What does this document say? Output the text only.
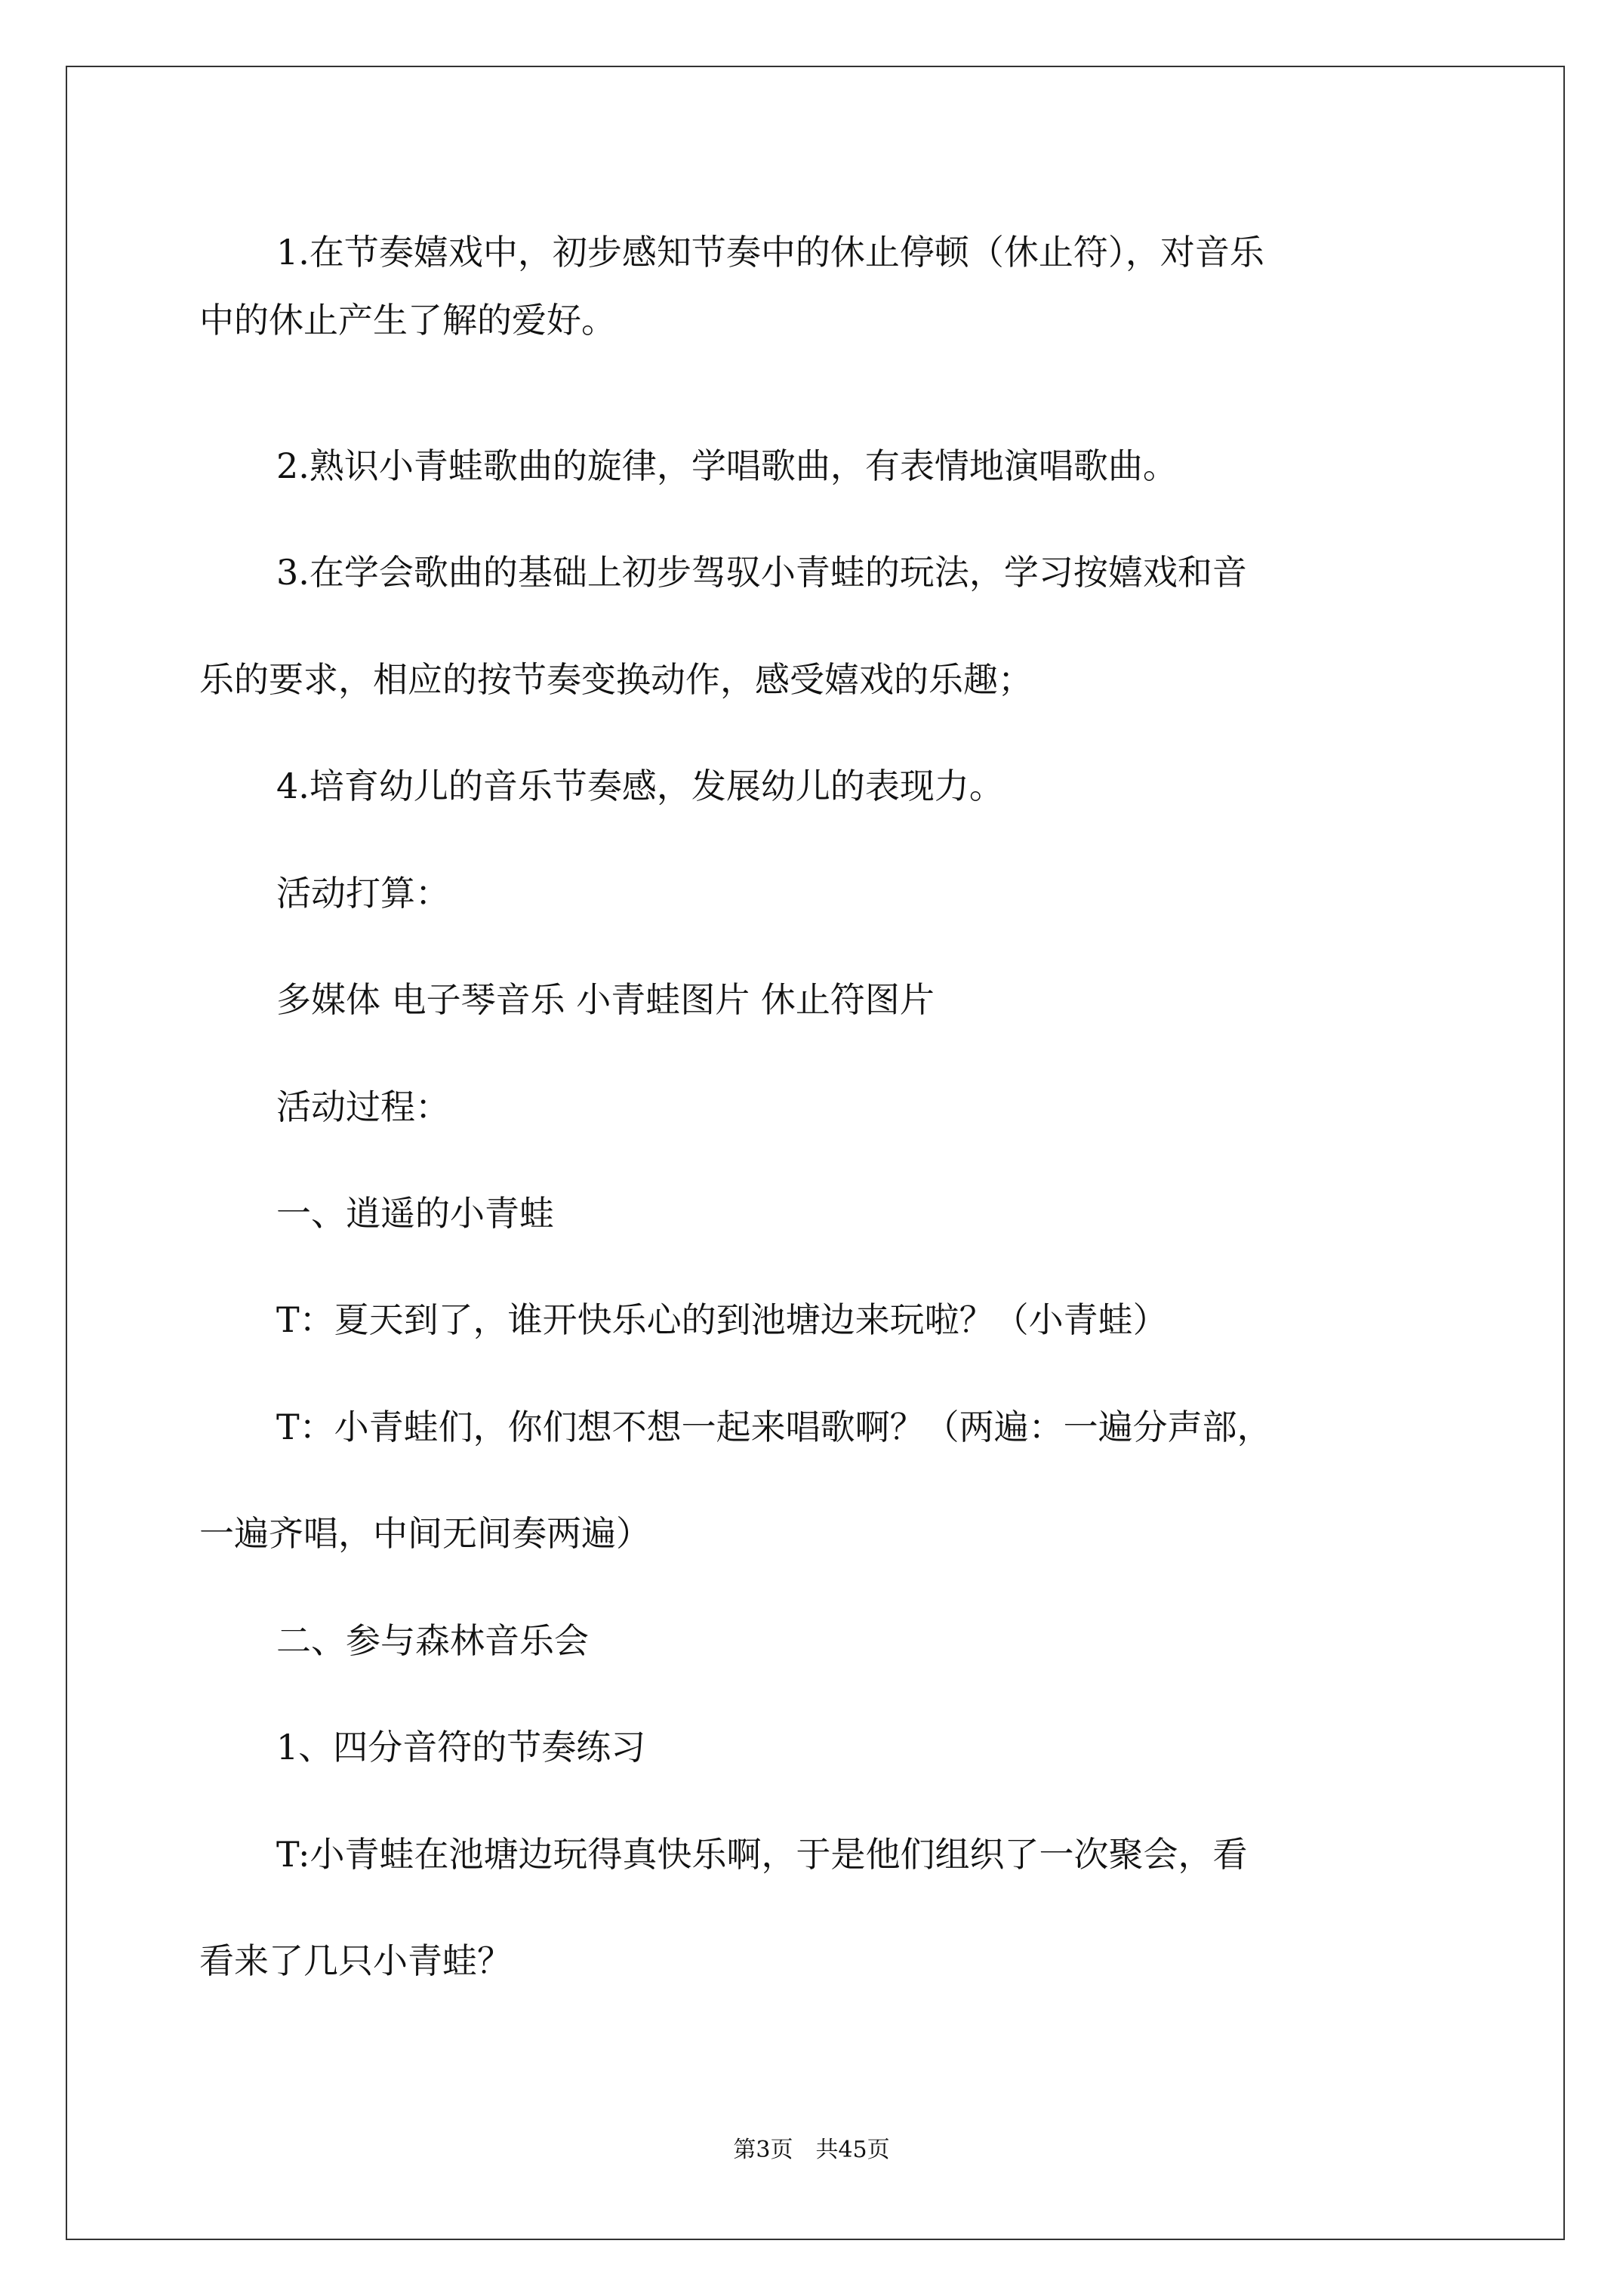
1.在节奏嬉戏中，初步感知节奏中的休止停顿（休止符），对音乐
中的休止产生了解的爱好。
2.熟识小青蛙歌曲的旋律，学唱歌曲，有表情地演唱歌曲。
3.在学会歌曲的基础上初步驾驭小青蛙的玩法，学习按嬉戏和音
乐的要求，相应的按节奏变换动作，感受嬉戏的乐趣；
4.培育幼儿的音乐节奏感，发展幼儿的表现力。
活动打算：
多媒体 电子琴音乐 小青蛙图片 休止符图片
活动过程：
一、逍遥的小青蛙
T：夏天到了，谁开快乐心的到池塘边来玩啦？（小青蛙）
T：小青蛙们，你们想不想一起来唱歌啊？（两遍：一遍分声部，
一遍齐唱，中间无间奏两遍）
二、参与森林音乐会
1、四分音符的节奏练习
T:小青蛙在池塘边玩得真快乐啊，于是他们组织了一次聚会，看
看来了几只小青蛙？
第3页　共45页
